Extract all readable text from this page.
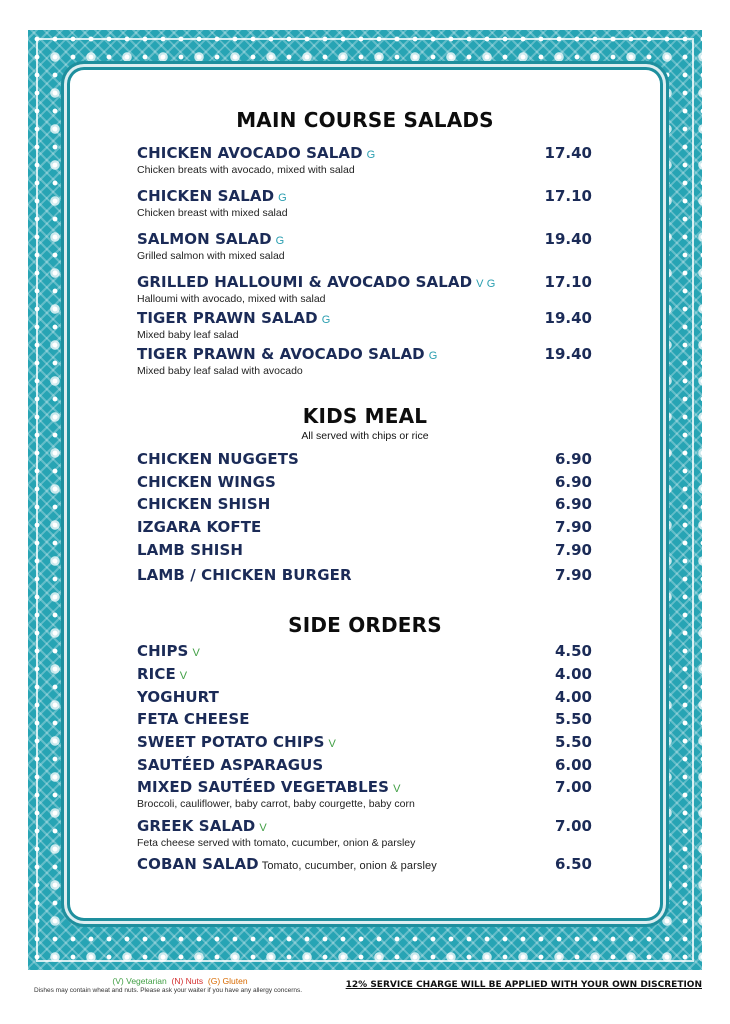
MAIN COURSE SALADS
CHICKEN AVOCADO SALAD G
Chicken breats with avocado, mixed with salad
17.40
CHICKEN SALAD G
Chicken breast with mixed salad
17.10
SALMON SALAD G
Grilled salmon with mixed salad
19.40
GRILLED HALLOUMI & AVOCADO SALAD V G
Halloumi with avocado, mixed with salad
17.10
TIGER PRAWN SALAD G
Mixed baby leaf salad
19.40
TIGER PRAWN & AVOCADO SALAD G
Mixed baby leaf salad with avocado
19.40
KIDS MEAL
All served with chips or rice
CHICKEN NUGGETS	6.90
CHICKEN WINGS	6.90
CHICKEN SHISH	6.90
IZGARA KOFTE	7.90
LAMB SHISH	7.90
LAMB / CHICKEN BURGER	7.90
SIDE ORDERS
CHIPS V	4.50
RICE V	4.00
YOGHURT	4.00
FETA CHEESE	5.50
SWEET POTATO CHIPS V	5.50
SAUTÉED ASPARAGUS	6.00
MIXED SAUTÉED VEGETABLES V
Broccoli, cauliflower, baby carrot, baby courgette, baby corn
7.00
GREEK SALAD V
Feta cheese served with tomato, cucumber, onion & parsley
7.00
COBAN SALAD Tomato, cucumber, onion & parsley	6.50
(V) Vegetarian (N) Nuts (G) Gluten
Dishes may contain wheat and nuts. Please ask your waiter if you have any allergy concerns.
12% SERVICE CHARGE WILL BE APPLIED WITH YOUR OWN DISCRETION
